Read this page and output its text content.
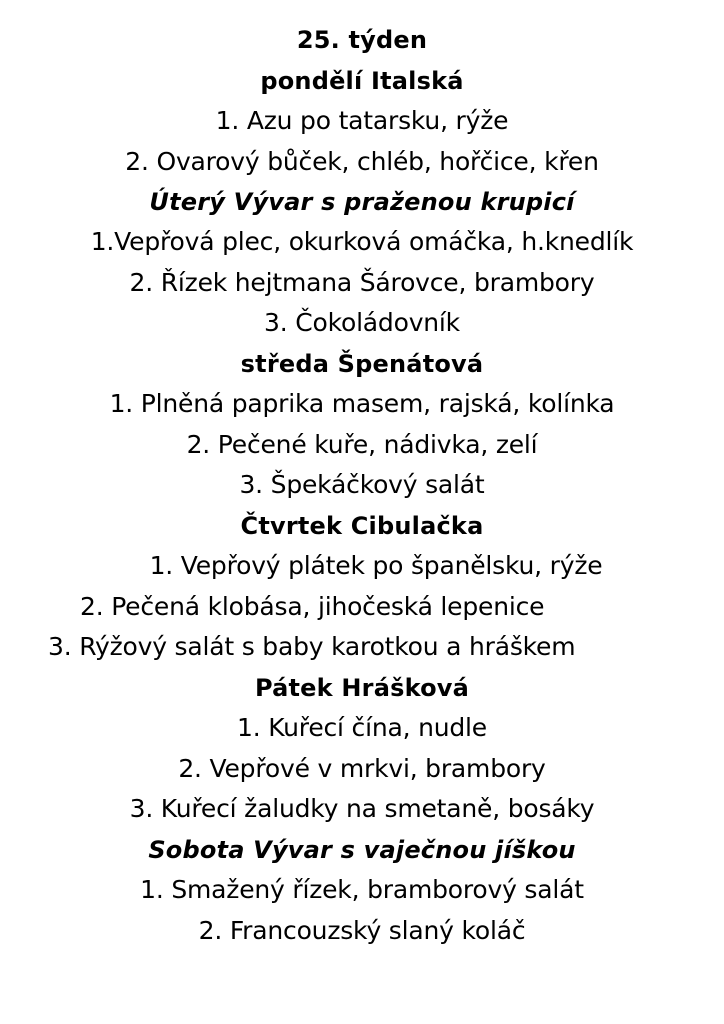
25. týden
pondělí Italská
1. Azu po tatarsku, rýže
2. Ovarový bůček, chléb, hořčice, křen
Úterý Vývar s praženou krupicí
1.Vepřová plec, okurková omáčka, h.knedlík
2. Řízek hejtmana Šárovce, brambory
3. Čokoládovník
středa Špenátová
1. Plněná paprika masem, rajská, kolínka
2. Pečené kuře, nádivka, zelí
3. Špekáčkový salát
Čtvrtek Cibulačka
1. Vepřový plátek po španělsku, rýže
2. Pečená klobása, jihočeská lepenice
3. Rýžový salát s baby karotkou a hráškem
Pátek Hrášková
1. Kuřecí čína, nudle
2. Vepřové v mrkvi, brambory
3. Kuřecí žaludky na smetaně, bosáky
Sobota Vývar s vaječnou jíškou
1. Smažený řízek, bramborový salát
2. Francouzský slaný koláč
